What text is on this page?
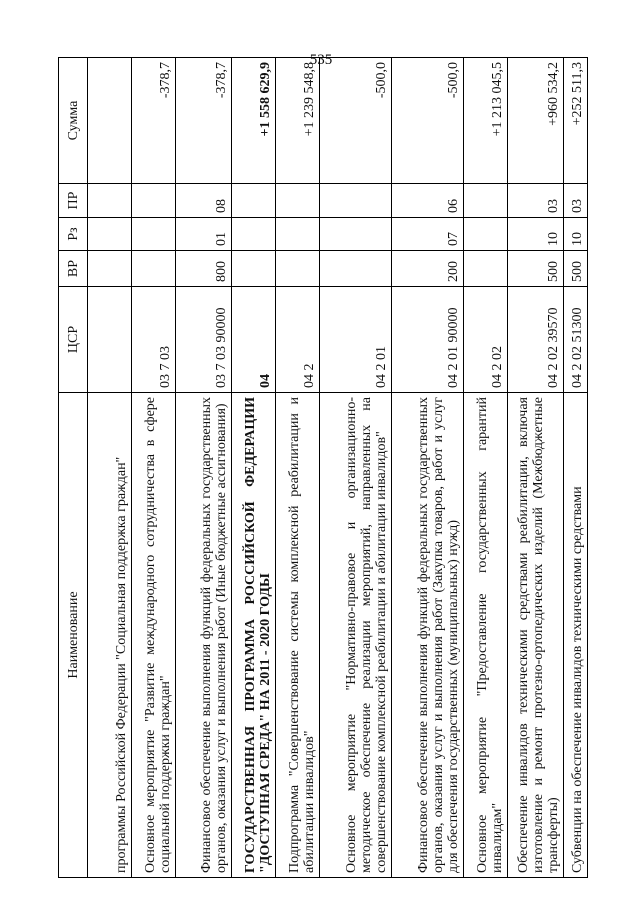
535
Наименование	ЦСР	ВР	Рз	ПР	Сумма
программы Российской Федерации "Социальная поддержка граждан"					
Основное мероприятие "Развитие международного сотрудничества в сфере социальной поддержки граждан"	03 7 03				-378,7
Финансовое обеспечение выполнения функций федеральных государственных органов, оказания услуг и выполнения работ (Иные бюджетные ассигнования)	03 7 03 90000	800	01	08	-378,7
ГОСУДАРСТВЕННАЯ ПРОГРАММА РОССИЙСКОЙ ФЕДЕРАЦИИ "ДОСТУПНАЯ СРЕДА" НА 2011 - 2020 ГОДЫ	04				+1 558 629,9
Подпрограмма "Совершенствование системы комплексной реабилитации и абилитации инвалидов"	04 2				+1 239 548,8
Основное мероприятие "Нормативно-правовое и организационно-методическое обеспечение реализации мероприятий, направленных на совершенствование комплексной реабилитации и абилитации инвалидов"	04 2 01				-500,0
Финансовое обеспечение выполнения функций федеральных государственных органов, оказания услуг и выполнения работ (Закупка товаров, работ и услуг для обеспечения государственных (муниципальных) нужд)	04 2 01 90000	200	07	06	-500,0
Основное мероприятие "Предоставление государственных гарантий инвалидам"	04 2 02				+1 213 045,5
Обеспечение инвалидов техническими средствами реабилитации, включая изготовление и ремонт протезно-ортопедических изделий (Межбюджетные трансферты)	04 2 02 39570	500	10	03	+960 534,2
Субвенции на обеспечение инвалидов техническими средствами	04 2 02 51300	500	10	03	+252 511,3
